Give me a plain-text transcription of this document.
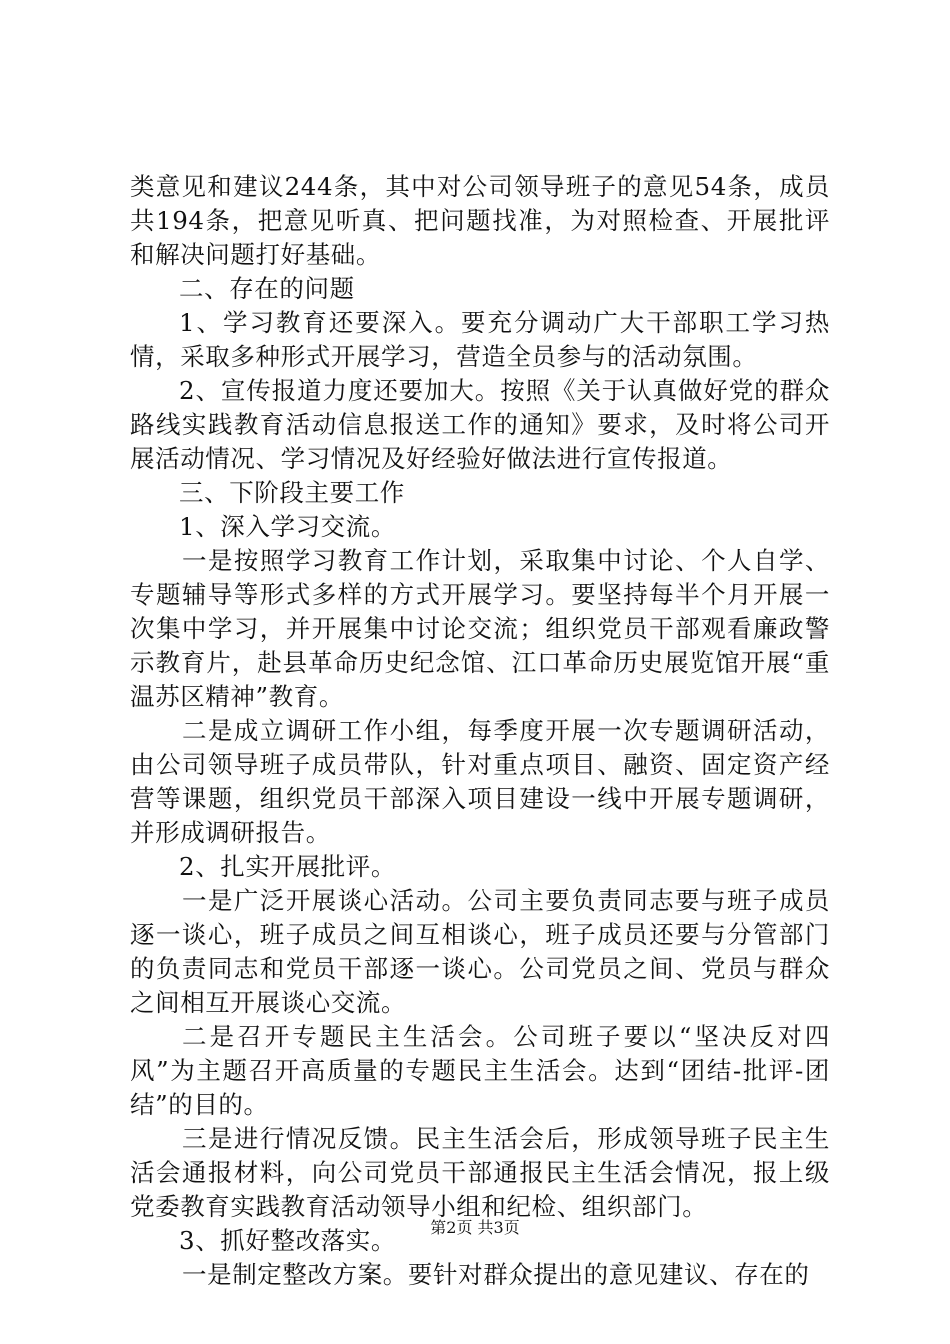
类意见和建议244条，其中对公司领导班子的意见54条，成员共194条，把意见听真、把问题找准，为对照检查、开展批评和解决问题打好基础。

二、存在的问题

1、学习教育还要深入。要充分调动广大干部职工学习热情，采取多种形式开展学习，营造全员参与的活动氛围。

2、宣传报道力度还要加大。按照《关于认真做好党的群众路线实践教育活动信息报送工作的通知》要求，及时将公司开展活动情况、学习情况及好经验好做法进行宣传报道。

三、下阶段主要工作

1、深入学习交流。

一是按照学习教育工作计划，采取集中讨论、个人自学、专题辅导等形式多样的方式开展学习。要坚持每半个月开展一次集中学习，并开展集中讨论交流；组织党员干部观看廉政警示教育片，赴县革命历史纪念馆、江口革命历史展览馆开展“重温苏区精神”教育。

二是成立调研工作小组，每季度开展一次专题调研活动，由公司领导班子成员带队，针对重点项目、融资、固定资产经营等课题，组织党员干部深入项目建设一线中开展专题调研，并形成调研报告。

2、扎实开展批评。

一是广泛开展谈心活动。公司主要负责同志要与班子成员逐一谈心，班子成员之间互相谈心，班子成员还要与分管部门的负责同志和党员干部逐一谈心。公司党员之间、党员与群众之间相互开展谈心交流。

二是召开专题民主生活会。公司班子要以“坚决反对四风”为主题召开高质量的专题民主生活会。达到“团结-批评-团结”的目的。

三是进行情况反馈。民主生活会后，形成领导班子民主生活会通报材料，向公司党员干部通报民主生活会情况，报上级党委教育实践教育活动领导小组和纪检、组织部门。

3、抓好整改落实。

一是制定整改方案。要针对群众提出的意见建议、存在的

第2页 共3页
